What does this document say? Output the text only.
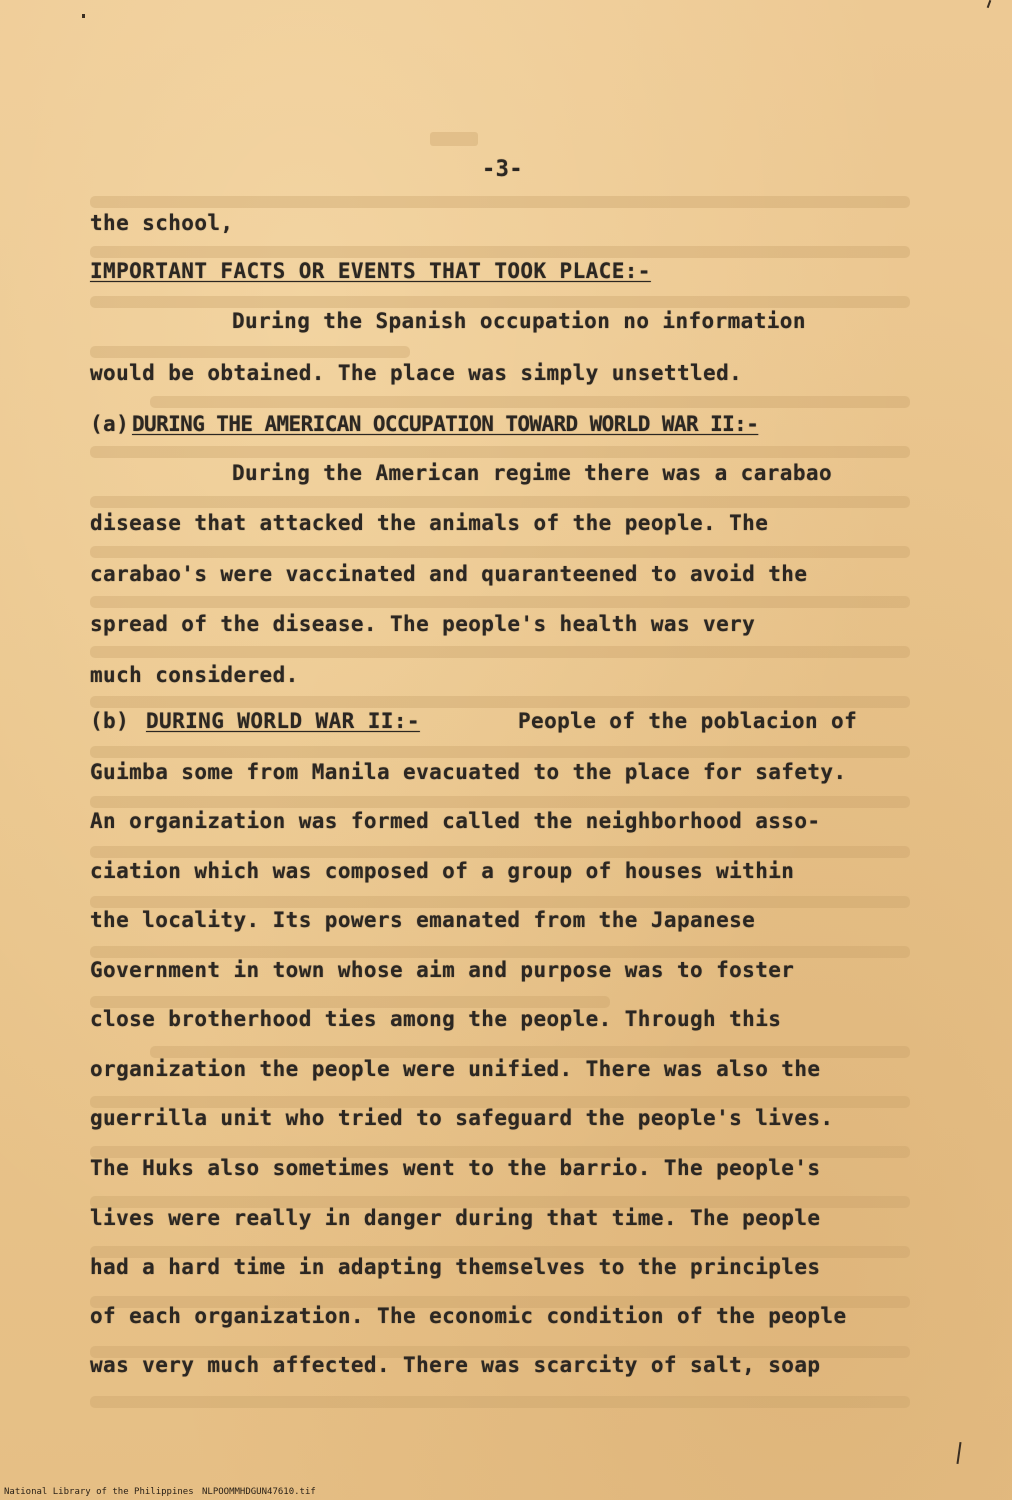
-3-
the school,
IMPORTANT FACTS OR EVENTS THAT TOOK PLACE:-
During the Spanish occupation no information
would be obtained. The place was simply unsettled.
(a) DURING THE AMERICAN OCCUPATION TOWARD WORLD WAR II:-
During the American regime there was a carabao
disease that attacked the animals of the people. The
carabao's were vaccinated and quaranteened to avoid the
spread of the disease. The people's health was very
much considered.
(b) DURING WORLD WAR II:-	People of the poblacion of
Guimba some from Manila evacuated to the place for safety.
An organization was formed called the neighborhood asso-
ciation which was composed of a group of houses within
the locality. Its powers emanated from the Japanese
Government in town whose aim and purpose was to foster
close brotherhood ties among the people. Through this
organization the people were unified. There was also the
guerrilla unit who tried to safeguard the people's lives.
The Huks also sometimes went to the barrio. The people's
lives were really in danger during that time. The people
had a hard time in adapting themselves to the principles
of each organization. The economic condition of the people
was very much affected. There was scarcity of salt, soap
National Library of the Philippines NLPOOMMHDGUN47610.tif
